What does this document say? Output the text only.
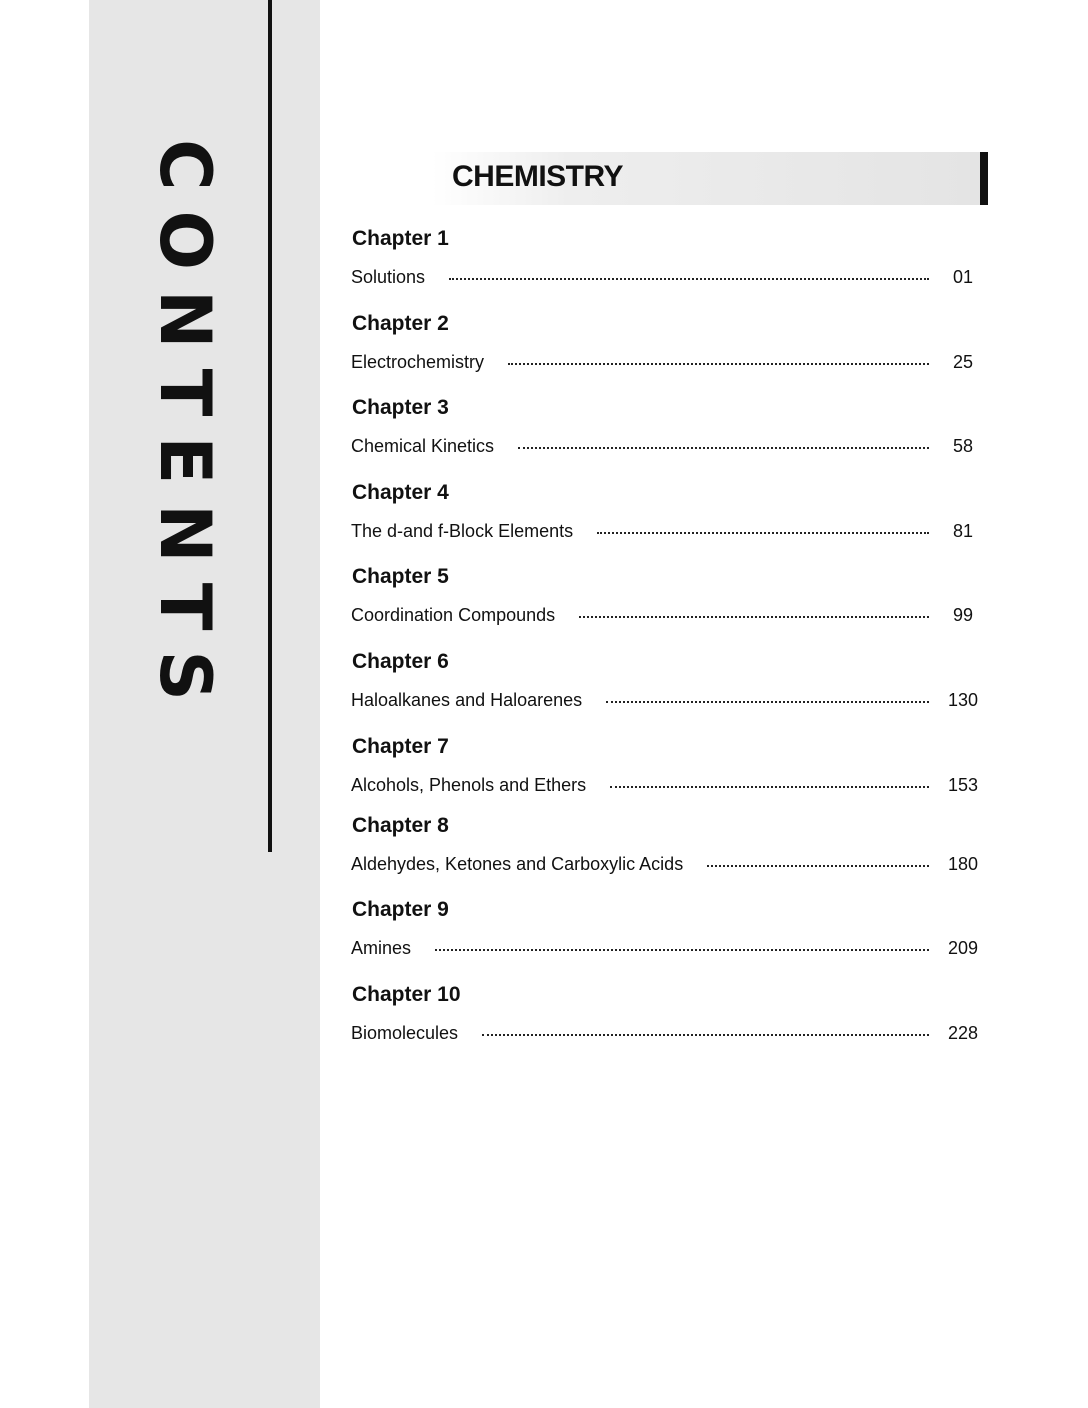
CONTENTS	CHEMISTRY
Chapter 1
Solutions	01
Chapter 2
Electrochemistry	25
Chapter 3
Chemical Kinetics	58
Chapter 4
The d-and f-Block Elements	81
Chapter 5
Coordination Compounds	99
Chapter 6
Haloalkanes and Haloarenes	130
Chapter 7
Alcohols, Phenols and Ethers	153
Chapter 8
Aldehydes, Ketones and Carboxylic Acids	180
Chapter 9
Amines	209
Chapter 10
Biomolecules	228
